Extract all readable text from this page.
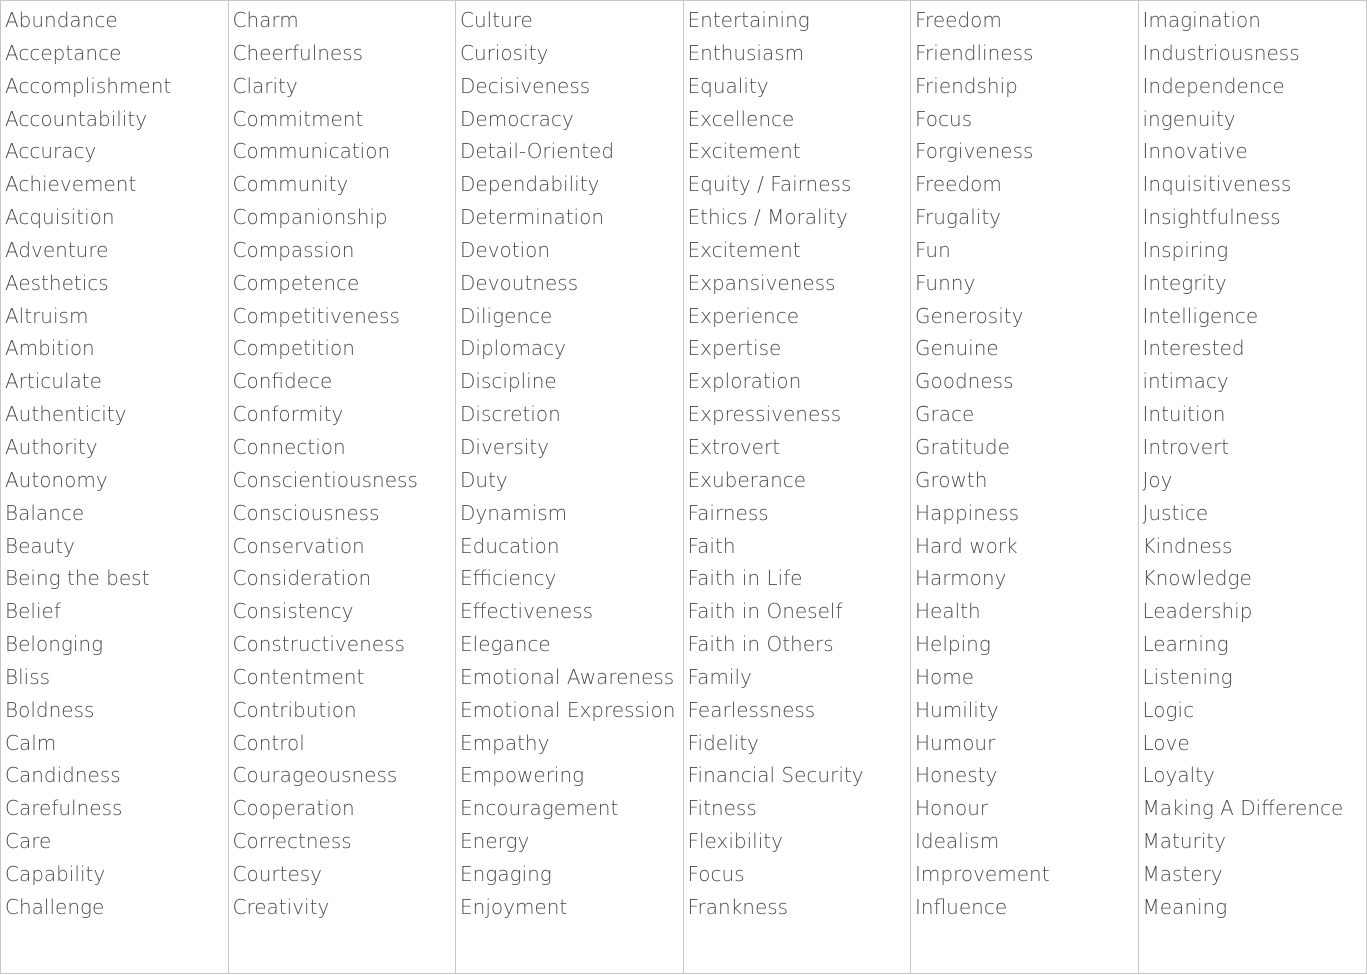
Abundance
Acceptance
Accomplishment
Accountability
Accuracy
Achievement
Acquisition
Adventure
Aesthetics
Altruism
Ambition
Articulate
Authenticity
Authority
Autonomy
Balance
Beauty
Being the best
Belief
Belonging
Bliss
Boldness
Calm
Candidness
Carefulness
Care
Capability
Challenge
Charm
Cheerfulness
Clarity
Commitment
Communication
Community
Companionship
Compassion
Competence
Competitiveness
Competition
Confidece
Conformity
Connection
Conscientiousness
Consciousness
Conservation
Consideration
Consistency
Constructiveness
Contentment
Contribution
Control
Courageousness
Cooperation
Correctness
Courtesy
Creativity
Culture
Curiosity
Decisiveness
Democracy
Detail-Oriented
Dependability
Determination
Devotion
Devoutness
Diligence
Diplomacy
Discipline
Discretion
Diversity
Duty
Dynamism
Education
Efficiency
Effectiveness
Elegance
Emotional Awareness
Emotional Expression
Empathy
Empowering
Encouragement
Energy
Engaging
Enjoyment
Entertaining
Enthusiasm
Equality
Excellence
Excitement
Equity / Fairness
Ethics / Morality
Excitement
Expansiveness
Experience
Expertise
Exploration
Expressiveness
Extrovert
Exuberance
Fairness
Faith
Faith in Life
Faith in Oneself
Faith in Others
Family
Fearlessness
Fidelity
Financial Security
Fitness
Flexibility
Focus
Frankness
Freedom
Friendliness
Friendship
Focus
Forgiveness
Freedom
Frugality
Fun
Funny
Generosity
Genuine
Goodness
Grace
Gratitude
Growth
Happiness
Hard work
Harmony
Health
Helping
Home
Humility
Humour
Honesty
Honour
Idealism
Improvement
Influence
Imagination
Industriousness
Independence
ingenuity
Innovative
Inquisitiveness
Insightfulness
Inspiring
Integrity
Intelligence
Interested
intimacy
Intuition
Introvert
Joy
Justice
Kindness
Knowledge
Leadership
Learning
Listening
Logic
Love
Loyalty
Making A Difference
Maturity
Mastery
Meaning
